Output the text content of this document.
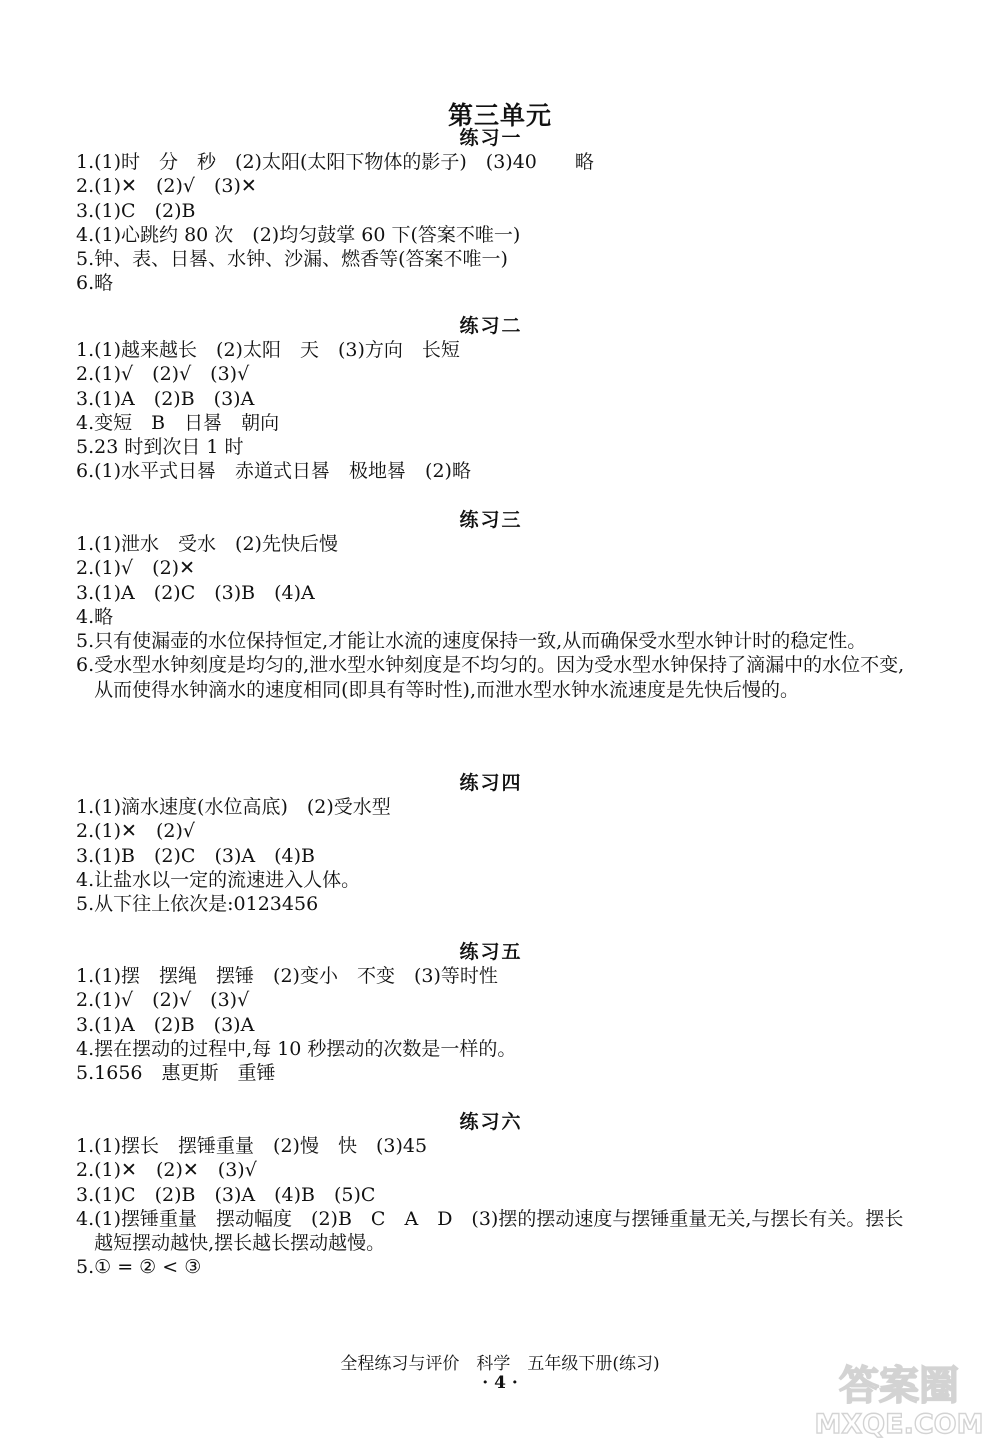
第三单元
练习一
1. (1)时　分　秒　(2)太阳(太阳下物体的影子)　(3)40　　略
2. (1)✕　(2)√　(3)✕
3. (1)C　(2)B
4. (1)心跳约 80 次　(2)均匀鼓掌 60 下(答案不唯一)
5. 钟、表、日晷、水钟、沙漏、燃香等(答案不唯一)
6. 略
练习二
1. (1)越来越长　(2)太阳　天　(3)方向　长短
2. (1)√　(2)√　(3)√
3. (1)A　(2)B　(3)A
4. 变短　B　日晷　朝向
5. 23 时到次日 1 时
6. (1)水平式日晷　赤道式日晷　极地晷　(2)略
练习三
1. (1)泄水　受水　(2)先快后慢
2. (1)√　(2)✕
3. (1)A　(2)C　(3)B　(4)A
4. 略
5. 只有使漏壶的水位保持恒定,才能让水流的速度保持一致,从而确保受水型水钟计时的稳定性。
6. 受水型水钟刻度是均匀的,泄水型水钟刻度是不均匀的。因为受水型水钟保持了滴漏中的水位不变,从而使得水钟滴水的速度相同(即具有等时性),而泄水型水钟水流速度是先快后慢的。
练习四
1. (1)滴水速度(水位高底)　(2)受水型
2. (1)✕　(2)√
3. (1)B　(2)C　(3)A　(4)B
4. 让盐水以一定的流速进入人体。
5. 从下往上依次是:0123456
练习五
1. (1)摆　摆绳　摆锤　(2)变小　不变　(3)等时性
2. (1)√　(2)√　(3)√
3. (1)A　(2)B　(3)A
4. 摆在摆动的过程中,每 10 秒摆动的次数是一样的。
5. 1656　惠更斯　重锤
练习六
1. (1)摆长　摆锤重量　(2)慢　快　(3)45
2. (1)✕　(2)✕　(3)√
3. (1)C　(2)B　(3)A　(4)B　(5)C
4. (1)摆锤重量　摆动幅度　(2)B　C　A　D　(3)摆的摆动速度与摆锤重量无关,与摆长有关。摆长越短摆动越快,摆长越长摆动越慢。
5. ① = ② < ③
全程练习与评价　科学　五年级下册(练习)
· 4 ·	答案圈
MXQE.COM
